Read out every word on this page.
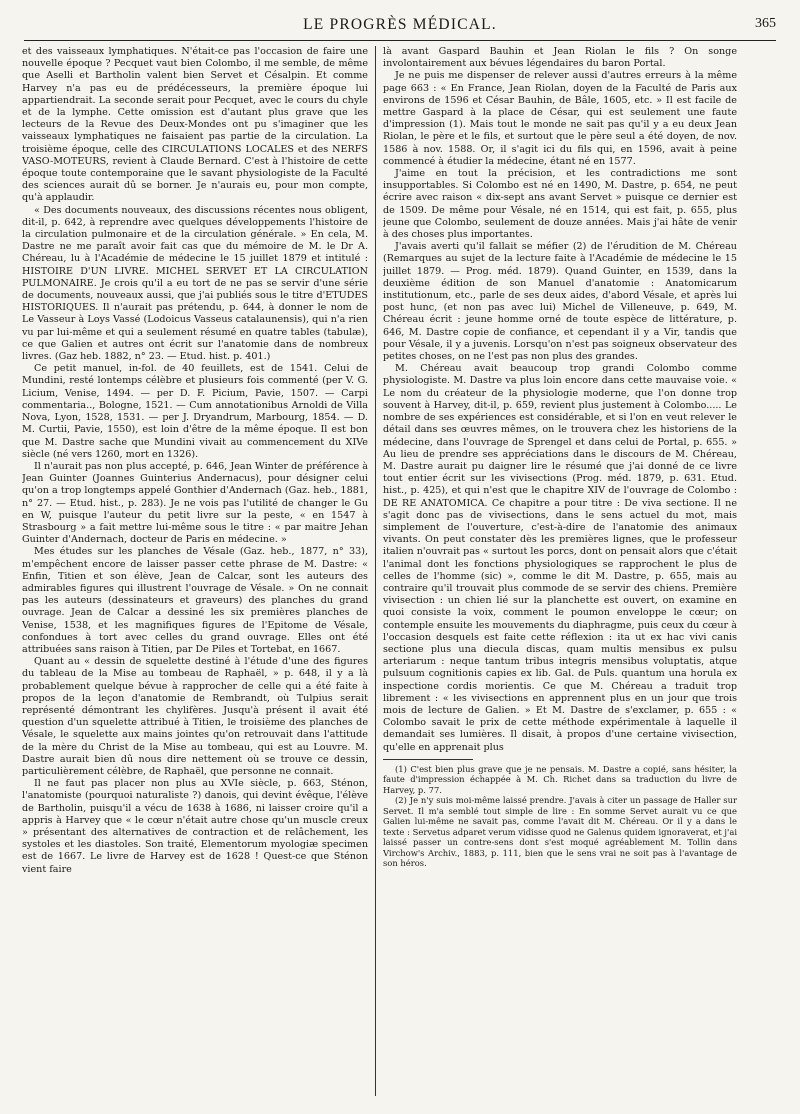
LE PROGRÈS MÉDICAL.	365

et des vaisseaux lymphatiques. N'était-ce pas l'occasion de faire une nouvelle époque ? Pecquet vaut bien Colombo, il me semble, de même que Aselli et Bartholin valent bien Servet et Césalpin. Et comme Harvey n'a pas eu de prédécesseurs, la première époque lui appartiendrait. La seconde serait pour Pecquet, avec le cours du chyle et de la lymphe. Cette omission est d'autant plus grave que les lecteurs de la Revue des Deux-Mondes ont pu s'imaginer que les vaisseaux lymphatiques ne faisaient pas partie de la circulation. La troisième époque, celle des CIRCULATIONS LOCALES et des NERFS VASO-MOTEURS, revient à Claude Bernard. C'est à l'histoire de cette époque toute contemporaine que le savant physiologiste de la Faculté des sciences aurait dû se borner. Je n'aurais eu, pour mon compte, qu'à applaudir.

« Des documents nouveaux, des discussions récentes nous obligent, dit-il, p. 642, à reprendre avec quelques développements l'histoire de la circulation pulmonaire et de la circulation générale. » En cela, M. Dastre ne me paraît avoir fait cas que du mémoire de M. le Dr A. Chéreau, lu à l'Académie de médecine le 15 juillet 1879 et intitulé : HISTOIRE D'UN LIVRE. MICHEL SERVET ET LA CIRCULATION PULMONAIRE. Je crois qu'il a eu tort de ne pas se servir d'une série de documents, nouveaux aussi, que j'ai publiés sous le titre d'ETUDES HISTORIQUES. Il n'aurait pas prétendu, p. 644, à donner le nom de Le Vasseur à Loys Vassé (Lodoicus Vasseus catalaunensis), qui n'a rien vu par lui-même et qui a seulement résumé en quatre tables (tabulæ), ce que Galien et autres ont écrit sur l'anatomie dans de nombreux livres. (Gaz heb. 1882, n° 23. — Etud. hist. p. 401.)

Ce petit manuel, in-fol. de 40 feuillets, est de 1541. Celui de Mundini, resté lontemps célèbre et plusieurs fois commenté (per V. G. Licium, Venise, 1494. — per D. F. Picium, Pavie, 1507. — Carpi commentaria.., Bologne, 1521. — Cum annotationibus Arnoldi de Villa Nova, Lyon, 1528, 1531. — per J. Dryandrum, Marbourg, 1854. — D. M. Curtii, Pavie, 1550), est loin d'être de la même époque. Il est bon que M. Dastre sache que Mundini vivait au commencement du XIVe siècle (né vers 1260, mort en 1326).

Il n'aurait pas non plus accepté, p. 646, Jean Winter de préférence à Jean Guinter (Joannes Guinterius Andernacus), pour désigner celui qu'on a trop longtemps appelé Gonthier d'Andernach (Gaz. heb., 1881, n° 27. — Etud. hist., p. 283). Je ne vois pas l'utilité de changer le Gu en W, puisque l'auteur du petit livre sur la peste, « en 1547 à Strasbourg » a fait mettre lui-même sous le titre : « par maitre Jehan Guinter d'Andernach, docteur de Paris en médecine. »

Mes études sur les planches de Vésale (Gaz. heb., 1877, n° 33), m'empêchent encore de laisser passer cette phrase de M. Dastre: « Enfin, Titien et son élève, Jean de Calcar, sont les auteurs des admirables figures qui illustrent l'ouvrage de Vésale. » On ne connait pas les auteurs (dessinateurs et graveurs) des planches du grand ouvrage. Jean de Calcar a dessiné les six premières planches de Venise, 1538, et les magnifiques figures de l'Epitome de Vésale, confondues à tort avec celles du grand ouvrage. Elles ont été attribuées sans raison à Titien, par De Piles et Tortebat, en 1667.

Quant au « dessin de squelette destiné à l'étude d'une des figures du tableau de la Mise au tombeau de Raphaël, » p. 648, il y a là probablement quelque bévue à rapprocher de celle qui a été faite à propos de la leçon d'anatomie de Rembrandt, où Tulpius serait représenté démontrant les chylifères. Jusqu'à présent il avait été question d'un squelette attribué à Titien, le troisième des planches de Vésale, le squelette aux mains jointes qu'on retrouvait dans l'attitude de la mère du Christ de la Mise au tombeau, qui est au Louvre. M. Dastre aurait bien dû nous dire nettement où se trouve ce dessin, particulièrement célèbre, de Raphaël, que personne ne connait.

Il ne faut pas placer non plus au XVIe siècle, p. 663, Sténon, l'anatomiste (pourquoi naturaliste ?) danois, qui devint évêque, l'élève de Bartholin, puisqu'il a vécu de 1638 à 1686, ni laisser croire qu'il a appris à Harvey que « le cœur n'était autre chose qu'un muscle creux » présentant des alternatives de contraction et de relâchement, les systoles et les diastoles. Son traité, Elementorum myologiæ specimen est de 1667. Le livre de Harvey est de 1628 ! Quest-ce que Sténon vient faire

là avant Gaspard Bauhin et Jean Riolan le fils ? On songe involontairement aux bévues légendaires du baron Portal.

Je ne puis me dispenser de relever aussi d'autres erreurs à la même page 663 : « En France, Jean Riolan, doyen de la Faculté de Paris aux environs de 1596 et César Bauhin, de Bâle, 1605, etc. » Il est facile de mettre Gaspard à la place de César, qui est seulement une faute d'impression (1). Mais tout le monde ne sait pas qu'il y a eu deux Jean Riolan, le père et le fils, et surtout que le père seul a été doyen, de nov. 1586 à nov. 1588. Or, il s'agit ici du fils qui, en 1596, avait à peine commencé à étudier la médecine, étant né en 1577.

J'aime en tout la précision, et les contradictions me sont insupportables. Si Colombo est né en 1490, M. Dastre, p. 654, ne peut écrire avec raison « dix-sept ans avant Servet » puisque ce dernier est de 1509. De même pour Vésale, né en 1514, qui est fait, p. 655, plus jeune que Colombo, seulement de douze années. Mais j'ai hâte de venir à des choses plus importantes.

J'avais averti qu'il fallait se méfier (2) de l'érudition de M. Chéreau (Remarques au sujet de la lecture faite à l'Académie de médecine le 15 juillet 1879. — Prog. méd. 1879). Quand Guinter, en 1539, dans la deuxième édition de son Manuel d'anatomie : Anatomicarum institutionum, etc., parle de ses deux aides, d'abord Vésale, et après lui post hunc, (et non pas avec lui) Michel de Villeneuve, p. 649, M. Chéreau écrit : jeune homme orné de toute espèce de littérature, p. 646, M. Dastre copie de confiance, et cependant il y a Vir, tandis que pour Vésale, il y a juvenis. Lorsqu'on n'est pas soigneux observateur des petites choses, on ne l'est pas non plus des grandes.

M. Chéreau avait beaucoup trop grandi Colombo comme physiologiste. M. Dastre va plus loin encore dans cette mauvaise voie. « Le nom du créateur de la physiologie moderne, que l'on donne trop souvent à Harvey, dit-il, p. 659, revient plus justement à Colombo..... Le nombre de ses expériences est considérable, et si l'on en veut relever le détail dans ses œuvres mêmes, on le trouvera chez les historiens de la médecine, dans l'ouvrage de Sprengel et dans celui de Portal, p. 655. » Au lieu de prendre ses appréciations dans le discours de M. Chéreau, M. Dastre aurait pu daigner lire le résumé que j'ai donné de ce livre tout entier écrit sur les vivisections (Prog. méd. 1879, p. 631. Etud. hist., p. 425), et qui n'est que le chapitre XIV de l'ouvrage de Colombo : DE RE ANATOMICA. Ce chapitre a pour titre : De viva sectione. Il ne s'agit donc pas de vivisections, dans le sens actuel du mot, mais simplement de l'ouverture, c'est-à-dire de l'anatomie des animaux vivants. On peut constater dès les premières lignes, que le professeur italien n'ouvrait pas « surtout les porcs, dont on pensait alors que c'était l'animal dont les fonctions physiologiques se rapprochent le plus de celles de l'homme (sic) », comme le dit M. Dastre, p. 655, mais au contraire qu'il trouvait plus commode de se servir des chiens. Première vivisection : un chien lié sur la planchette est ouvert, on examine en quoi consiste la voix, comment le poumon enveloppe le cœur; on contemple ensuite les mouvements du diaphragme, puis ceux du cœur à l'occasion desquels est faite cette réflexion : ita ut ex hac vivi canis sectione plus una diecula discas, quam multis mensibus ex pulsu arteriarum : neque tantum tribus integris mensibus voluptatis, atque pulsuum cognitionis capies ex lib. Gal. de Puls. quantum una horula ex inspectione cordis morientis. Ce que M. Chéreau a traduit trop librement : « les vivisections en apprennent plus en un jour que trois mois de lecture de Galien. » Et M. Dastre de s'exclamer, p. 655 : « Colombo savait le prix de cette méthode expérimentale à laquelle il demandait ses lumières. Il disait, à propos d'une certaine vivisection, qu'elle en apprenait plus

(1) C'est bien plus grave que je ne pensais. M. Dastre a copié, sans hésiter, la faute d'impression échappée à M. Ch. Richet dans sa traduction du livre de Harvey, p. 77.

(2) Je n'y suis moi-même laissé prendre. J'avais à citer un passage de Haller sur Servet. Il m'a semblé tout simple de lire : En somme Servet aurait vu ce que Galien lui-même ne savait pas, comme l'avait dit M. Chéreau. Or il y a dans le texte : Servetus adparet verum vidisse quod ne Galenus quidem ignoraverat, et j'ai laissé passer un contre-sens dont s'est moqué agréablement M. Tollin dans Virchow's Archiv., 1883, p. 111, bien que le sens vrai ne soit pas à l'avantage de son héros.
